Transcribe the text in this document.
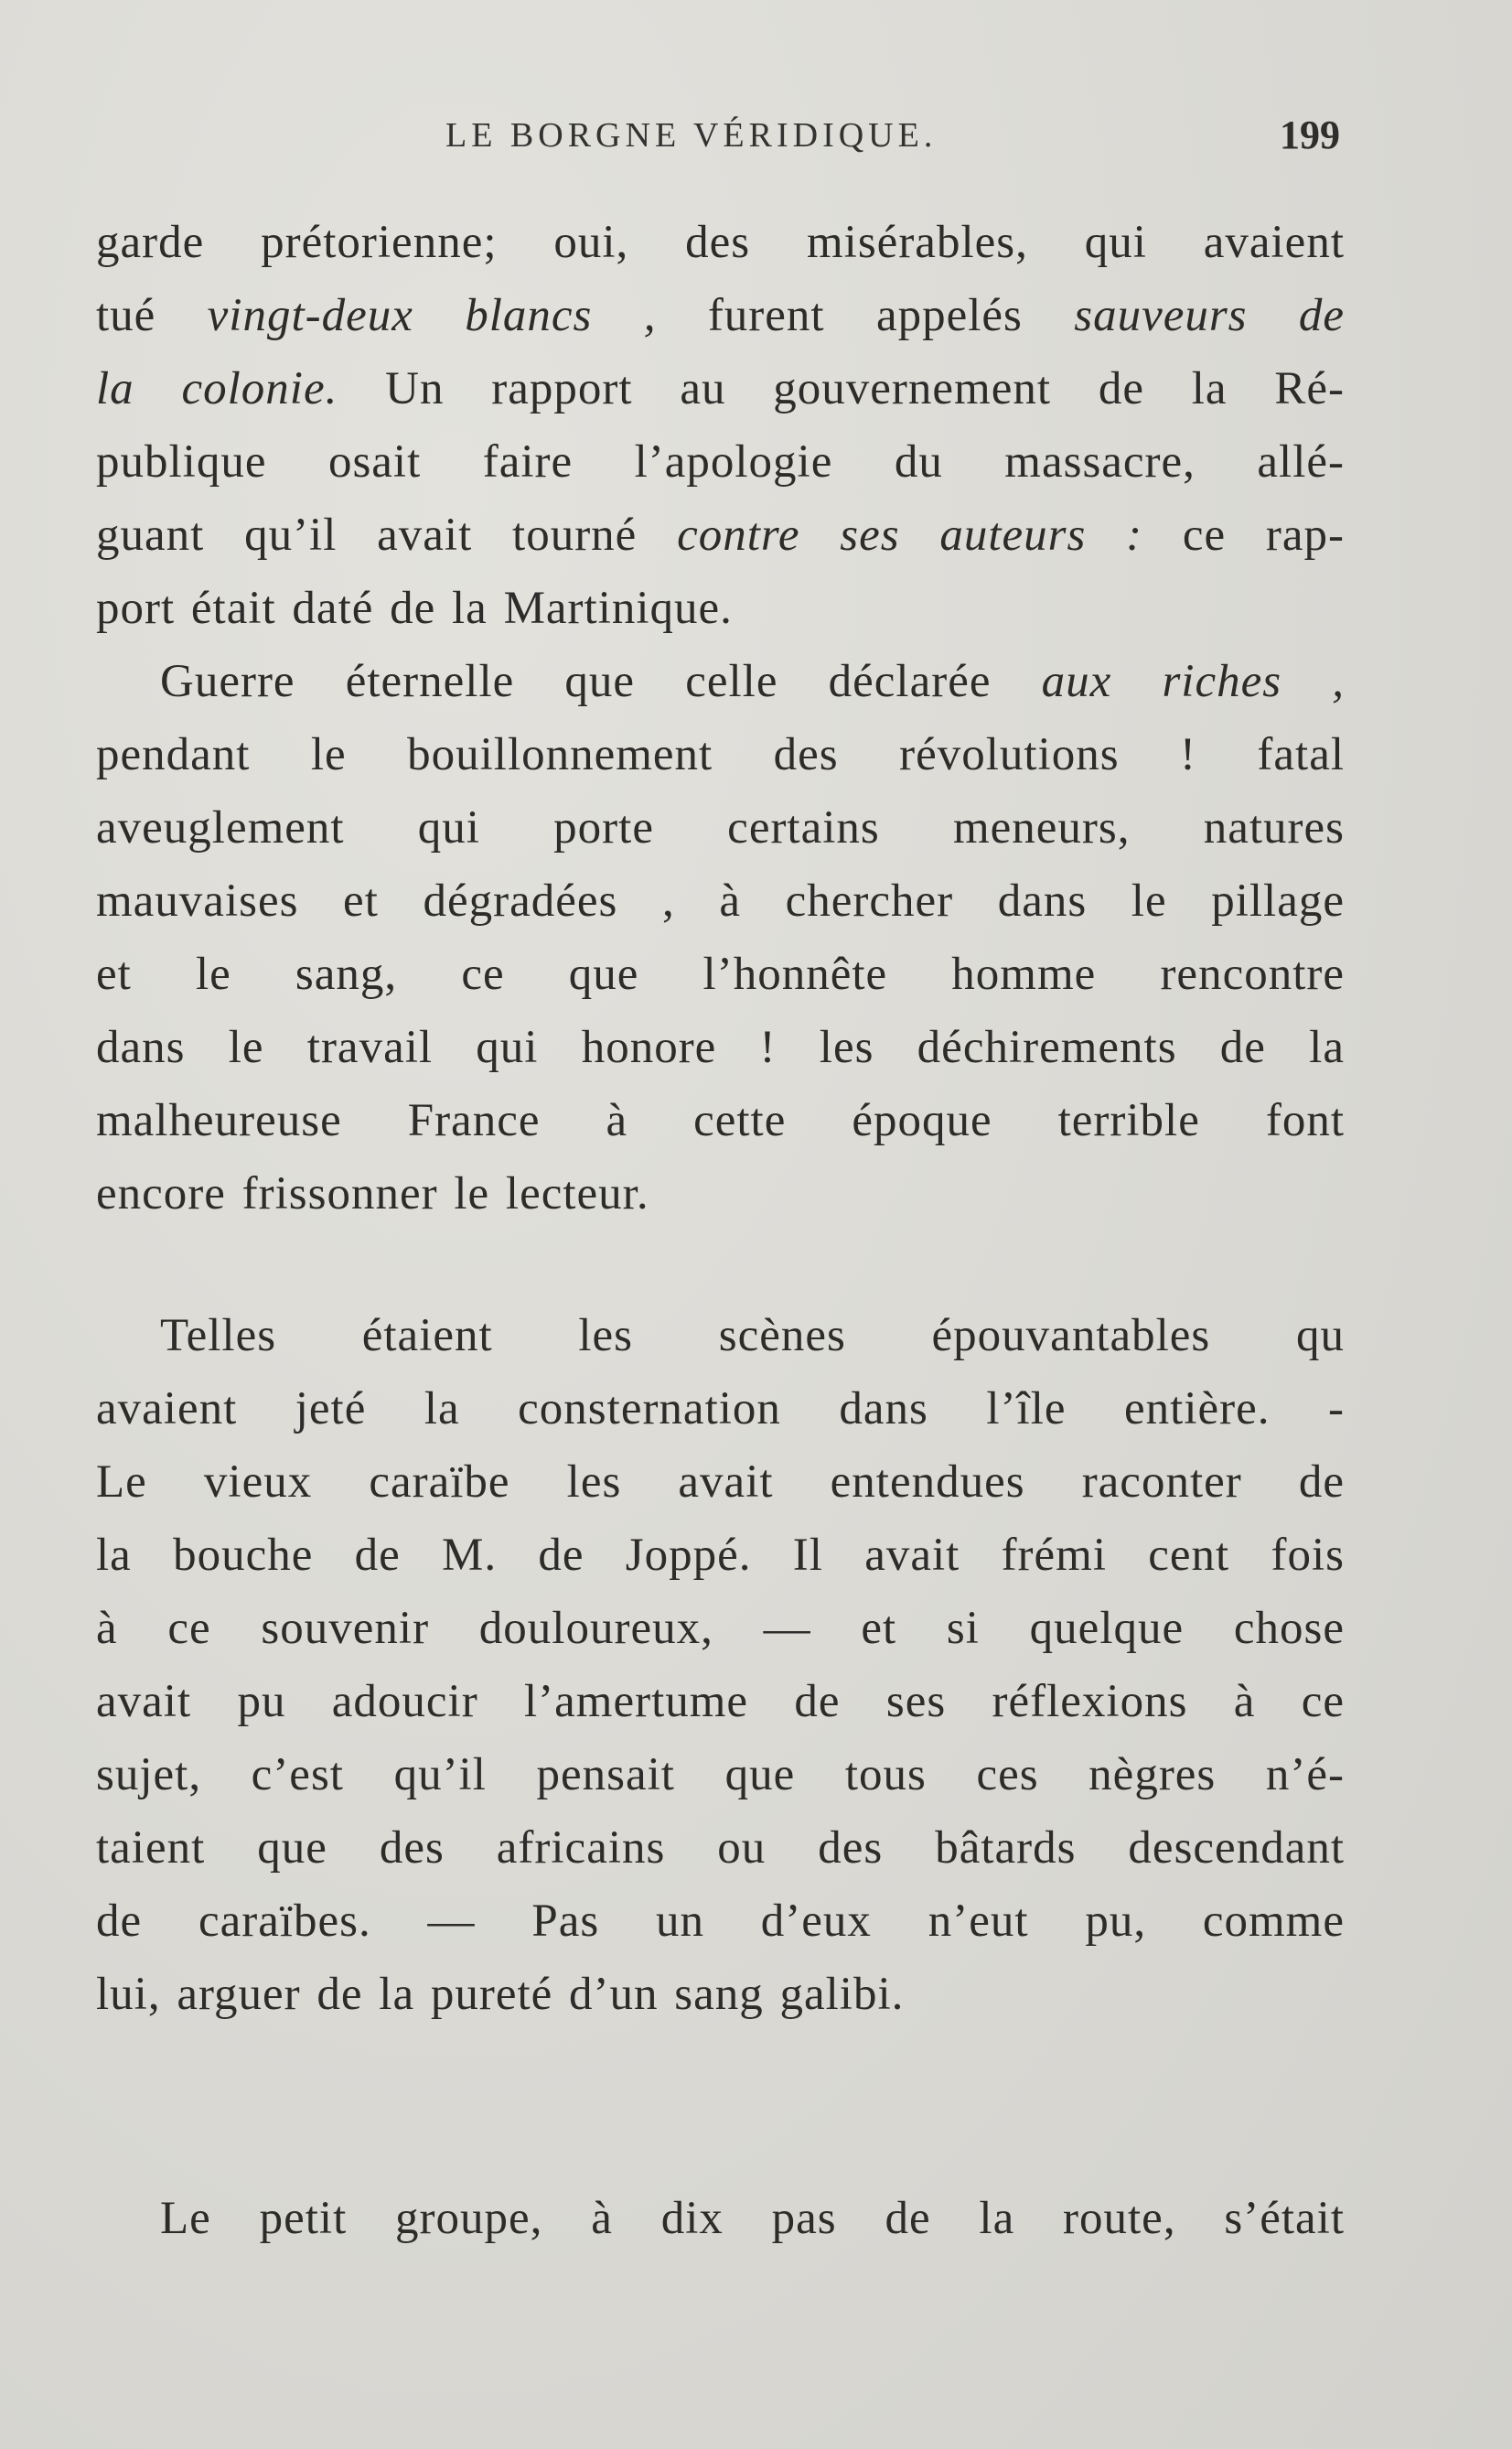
LE BORGNE VÉRIDIQUE.	199
garde prétorienne; oui, des misérables, qui avaient
tué vingt-deux blancs , furent appelés sauveurs de
la colonie. Un rapport au gouvernement de la Ré-
publique osait faire l’apologie du massacre, allé-
guant qu’il avait tourné contre ses auteurs : ce rap-
port était daté de la Martinique.
Guerre éternelle que celle déclarée aux riches ,
pendant le bouillonnement des révolutions ! fatal
aveuglement qui porte certains meneurs, natures
mauvaises et dégradées , à chercher dans le pillage
et le sang, ce que l’honnête homme rencontre
dans le travail qui honore ! les déchirements de la
malheureuse France à cette époque terrible font
encore frissonner le lecteur.
Telles étaient les scènes épouvantables qu
avaient jeté la consternation dans l’île entière. -
Le vieux caraïbe les avait entendues raconter de
la bouche de M. de Joppé. Il avait frémi cent fois
à ce souvenir douloureux, — et si quelque chose
avait pu adoucir l’amertume de ses réflexions à ce
sujet, c’est qu’il pensait que tous ces nègres n’é-
taient que des africains ou des bâtards descendant
de caraïbes. — Pas un d’eux n’eut pu, comme
lui, arguer de la pureté d’un sang galibi.
Le petit groupe, à dix pas de la route, s’était
